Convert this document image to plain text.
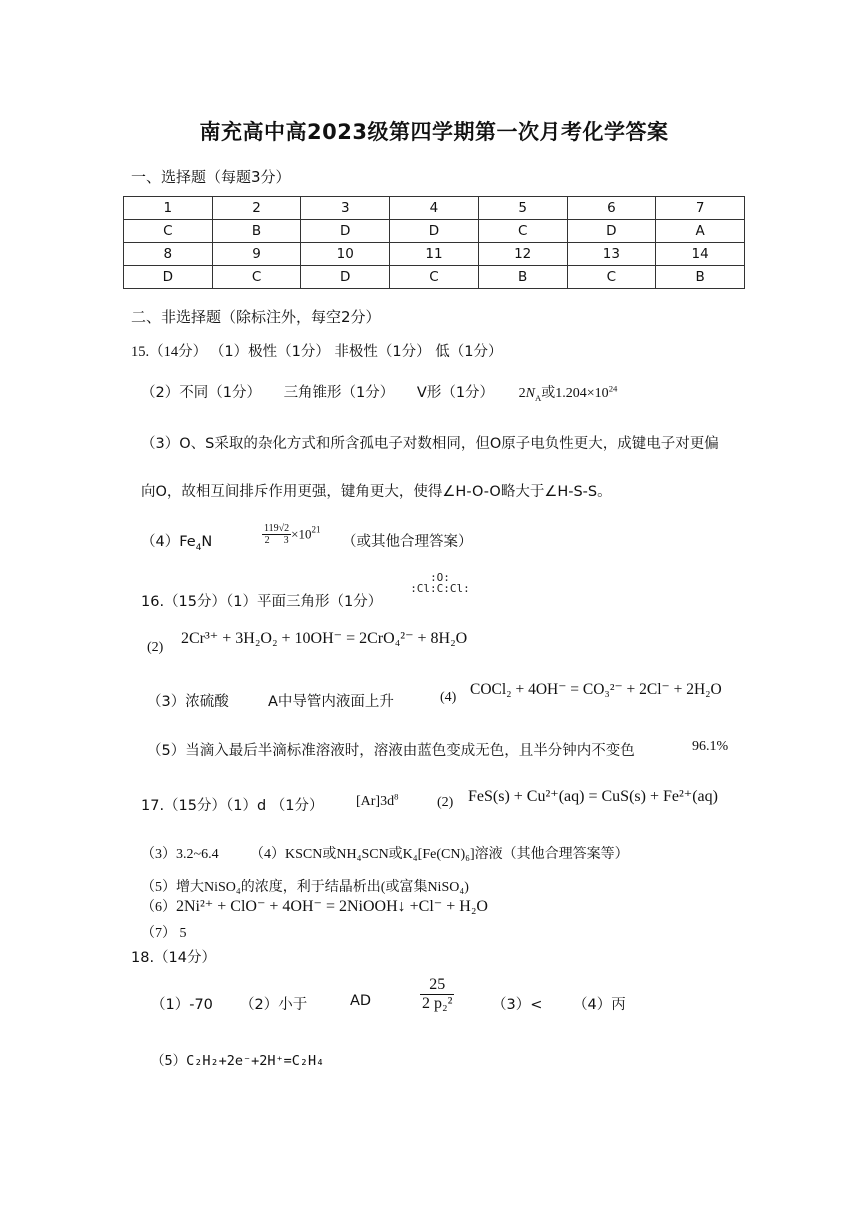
南充高中高2023级第四学期第一次月考化学答案
一、选择题（每题3分）
1	2	3	4	5	6	7
C	B	D	D	C	D	A
8	9	10	11	12	13	14
D	C	D	C	B	C	B
二、非选择题（除标注外，每空2分）
15.（14分） （1）极性（1分） 非极性（1分） 低（1分）
（2）不同（1分） 三角锥形（1分） V形（1分） $2N_A$或$1.204\times 10^{24}$
（3）O、S采取的杂化方式和所含孤电子对数相同，但O原子电负性更大，成键电子对更偏
向O，故相互间排斥作用更强，键角更大，使得∠H-O-O略大于∠H-S-S。
$(4)Fe_4N$	$\frac{119√2}{2 3} \times 10^{21}$
（或其他合理答案）
16.（15分）（1）平面三角形（1分）
:O:
:Cl:C:Cl:
(2)
2Cr³⁺ + 3H₂O₂ + 10OH⁻ = 2CrO₄²⁻ + 8H₂O
（3）浓硫酸	A中导管内液面上升	(4) COCl₂ + 4OH⁻ = CO₃²⁻ + 2Cl⁻ + 2H₂O
（5）当滴入最后半滴标准溶液时，溶液由蓝色变成无色，且半分钟内不变色	96.1%
17.（15分）（1）d （1分） $[Ar]3d^8$	(2) FeS(s) + Cu²⁺(aq) = CuS(s) + Fe²⁺(aq)
（3）3.2~6.4 （4）KSCN或NH₄SCN或K₄[Fe(CN)₆]溶液（其他合理答案等）
（5）增大NiSO₄的浓度，利于结晶析出(或富集NiSO₄)
（6）2Ni²⁺ + ClO⁻ + 4OH⁻ = 2NiOOH↓ +Cl⁻ + H₂O
（7） 5
18.（14分）
（1）-70 （2）小于	AD	$\frac{25}{\text{2 p₂²}}$	（3）< （4）丙
（5）C₂H₂+2e⁻+2H⁺=C₂H₄
